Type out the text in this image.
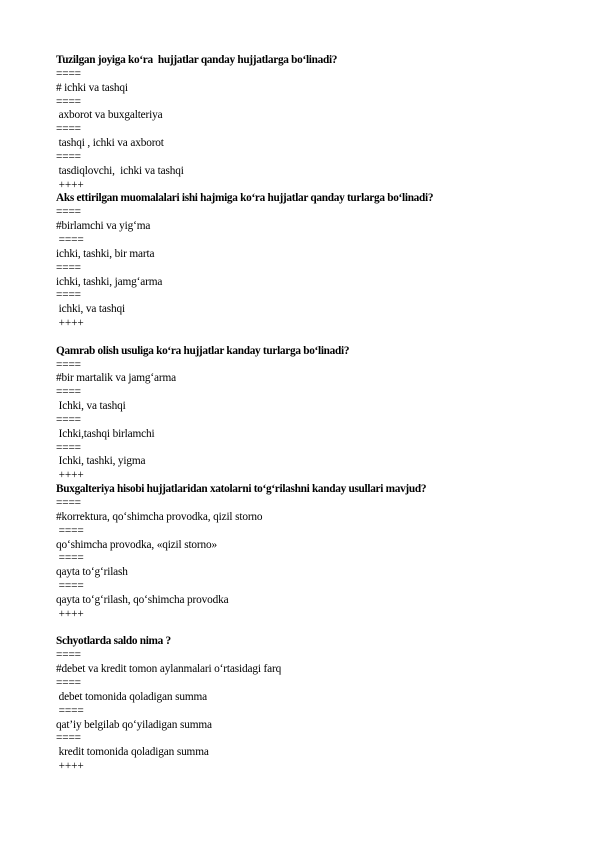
Tuzilgan joyiga ko‘ra  hujjatlar qanday hujjatlarga bo‘linadi?
====
# ichki va tashqi
====
axborot va buxgalteriya
====
tashqi , ichki va axborot
====
tasdiqlovchi,  ichki va tashqi
++++
Aks ettirilgan muomalalari ishi hajmiga ko‘ra hujjatlar qanday turlarga bo‘linadi?
====
#birlamchi va yig‘ma
====
ichki, tashki, bir marta
====
ichki, tashki, jamg‘arma
====
ichki, va tashqi
++++
Qamrab olish usuliga ko‘ra hujjatlar kanday turlarga bo‘linadi?
====
#bir martalik va jamg‘arma
====
Ichki, va tashqi
====
Ichki,tashqi birlamchi
====
Ichki, tashki, yigma
++++
Buxgalteriya hisobi hujjatlaridan xatolarni to‘g‘rilashni kanday usullari mavjud?
====
#korrektura, qo‘shimcha provodka, qizil storno
====
qo‘shimcha provodka, «qizil storno»
====
qayta to‘g‘rilash
====
qayta to‘g‘rilash, qo‘shimcha provodka
++++
Schyotlarda saldo nima ?
====
#debet va kredit tomon aylanmalari o‘rtasidagi farq
====
debet tomonida qoladigan summa
====
qat’iy belgilab qo‘yiladigan summa
====
kredit tomonida qoladigan summa
++++
